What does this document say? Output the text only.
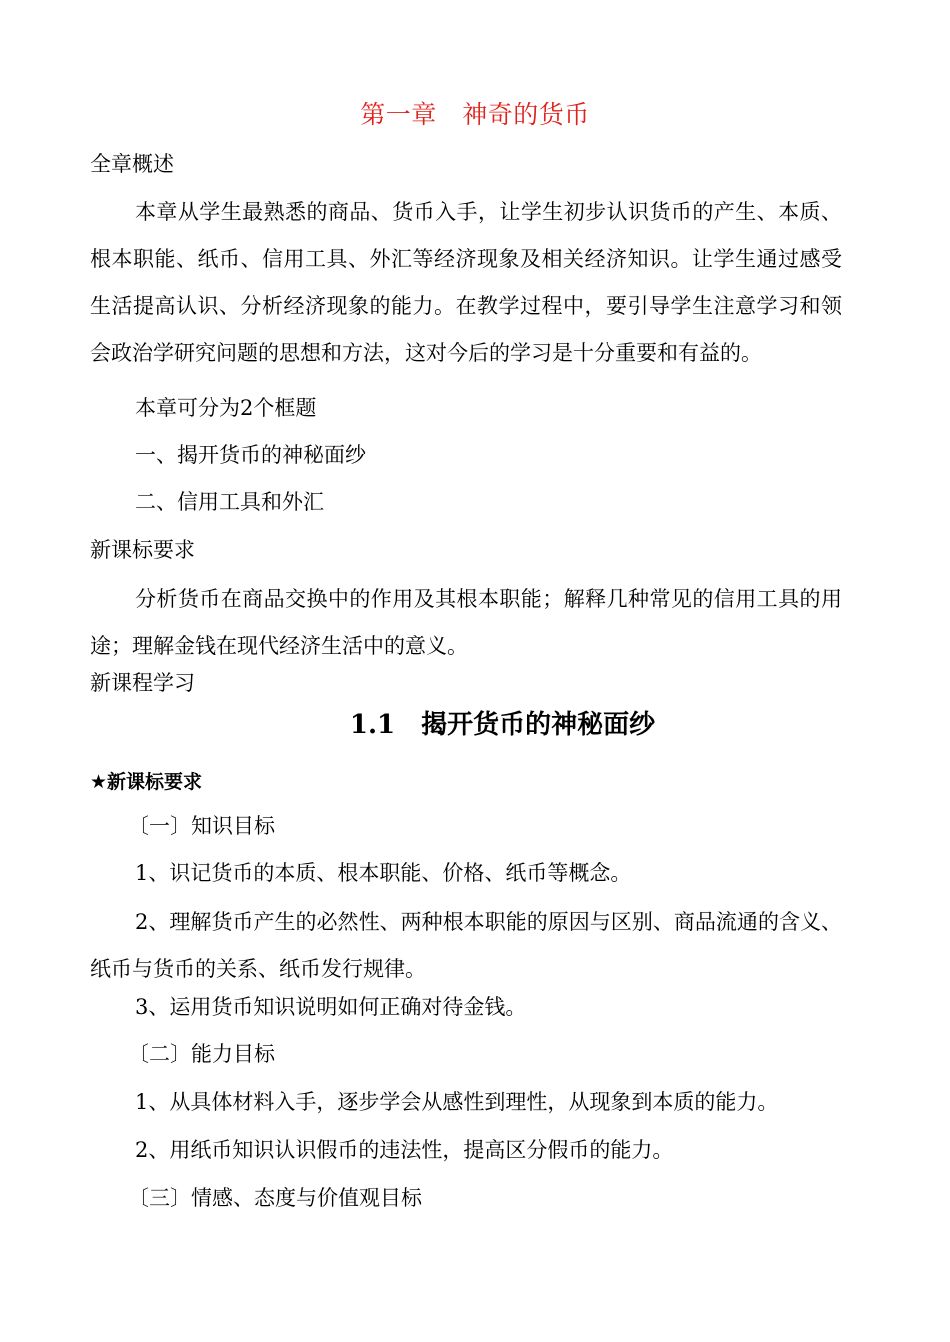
第一章　神奇的货币
全章概述
本章从学生最熟悉的商品、货币入手，让学生初步认识货币的产生、本质、根本职能、纸币、信用工具、外汇等经济现象及相关经济知识。让学生通过感受生活提高认识、分析经济现象的能力。在教学过程中，要引导学生注意学习和领会政治学研究问题的思想和方法，这对今后的学习是十分重要和有益的。
本章可分为2个框题
一、揭开货币的神秘面纱
二、信用工具和外汇
新课标要求
分析货币在商品交换中的作用及其根本职能；解释几种常见的信用工具的用途；理解金钱在现代经济生活中的意义。
新课程学习
1.1　揭开货币的神秘面纱
★新课标要求
〔一〕知识目标
1、识记货币的本质、根本职能、价格、纸币等概念。
2、理解货币产生的必然性、两种根本职能的原因与区别、商品流通的含义、纸币与货币的关系、纸币发行规律。
3、运用货币知识说明如何正确对待金钱。
〔二〕能力目标
1、从具体材料入手，逐步学会从感性到理性，从现象到本质的能力。
2、用纸币知识认识假币的违法性，提高区分假币的能力。
〔三〕情感、态度与价值观目标
